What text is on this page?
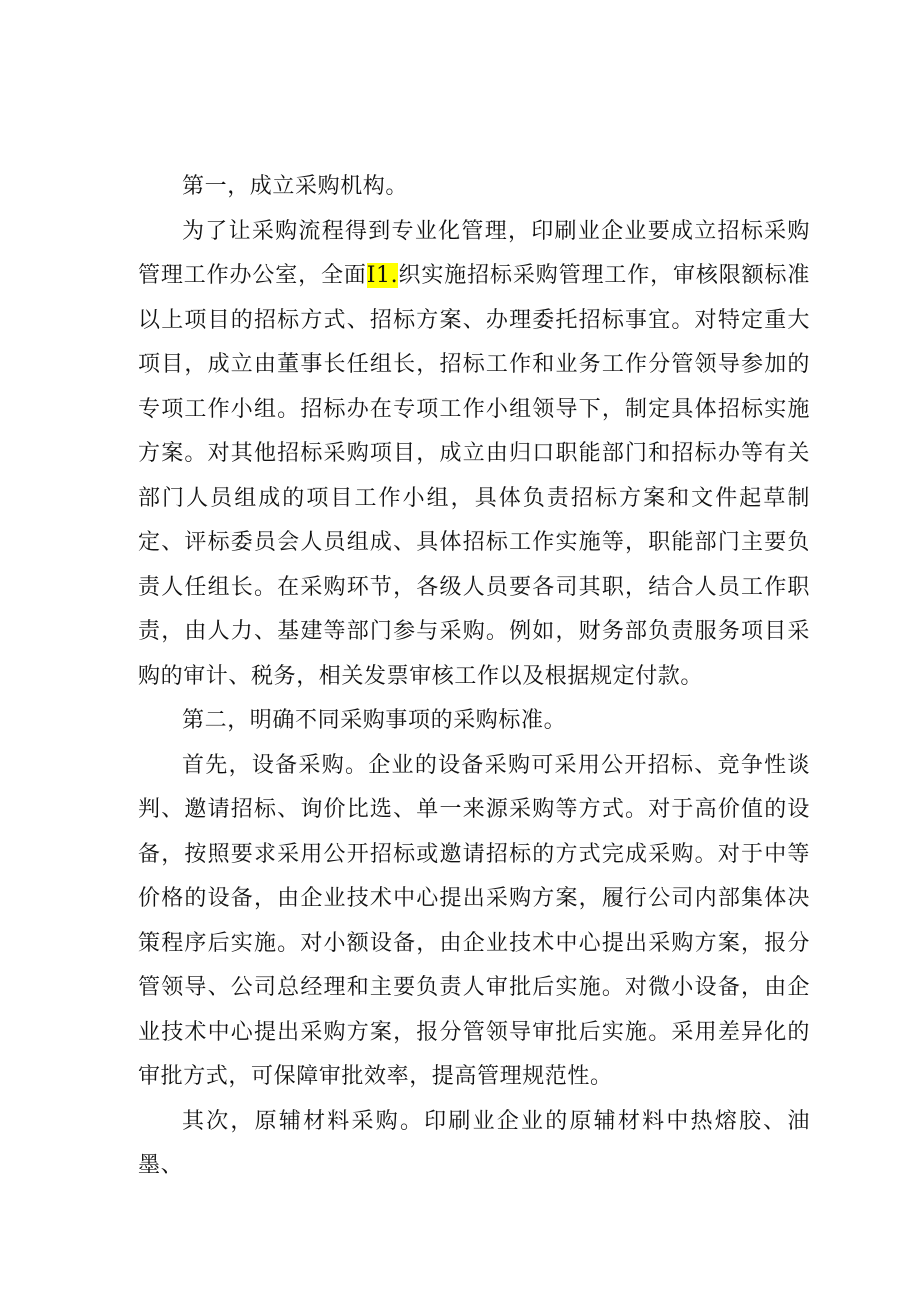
第一，成立采购机构。

为了让采购流程得到专业化管理，印刷业企业要成立招标采购管理工作办公室，全面I1.织实施招标采购管理工作，审核限额标准以上项目的招标方式、招标方案、办理委托招标事宜。对特定重大项目，成立由董事长任组长，招标工作和业务工作分管领导参加的专项工作小组。招标办在专项工作小组领导下，制定具体招标实施方案。对其他招标采购项目，成立由归口职能部门和招标办等有关部门人员组成的项目工作小组，具体负责招标方案和文件起草制定、评标委员会人员组成、具体招标工作实施等，职能部门主要负责人任组长。在采购环节，各级人员要各司其职，结合人员工作职责，由人力、基建等部门参与采购。例如，财务部负责服务项目采购的审计、税务，相关发票审核工作以及根据规定付款。

第二，明确不同采购事项的采购标准。

首先，设备采购。企业的设备采购可采用公开招标、竞争性谈判、邀请招标、询价比选、单一来源采购等方式。对于高价值的设备，按照要求采用公开招标或邀请招标的方式完成采购。对于中等价格的设备，由企业技术中心提出采购方案，履行公司内部集体决策程序后实施。对小额设备，由企业技术中心提出采购方案，报分管领导、公司总经理和主要负责人审批后实施。对微小设备，由企业技术中心提出采购方案，报分管领导审批后实施。采用差异化的审批方式，可保障审批效率，提高管理规范性。

其次，原辅材料采购。印刷业企业的原辅材料中热熔胶、油墨、
